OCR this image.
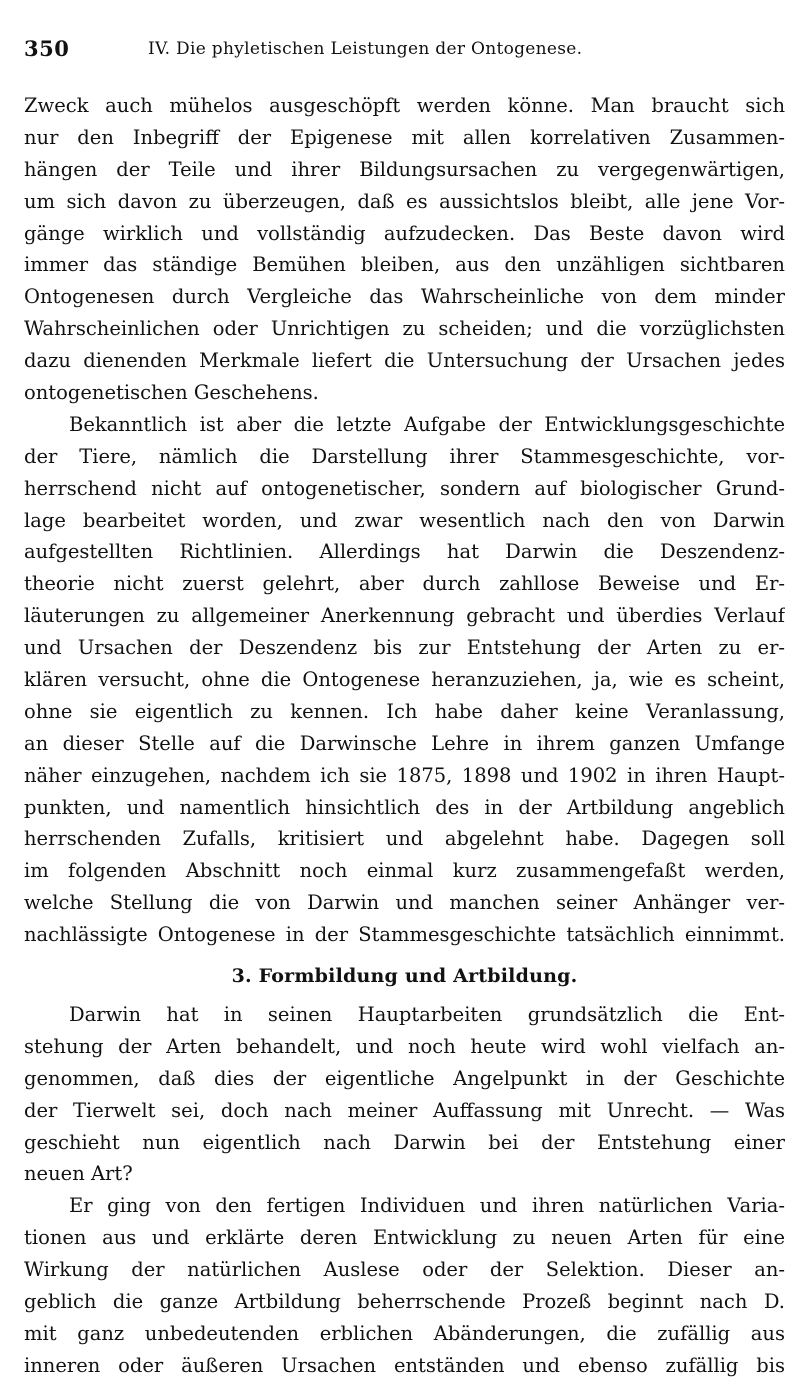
350	IV. Die phyletischen Leistungen der Ontogenese.
Zweck auch mühelos ausgeschöpft werden könne. Man braucht sich
nur den Inbegriff der Epigenese mit allen korrelativen Zusammen-
hängen der Teile und ihrer Bildungsursachen zu vergegenwärtigen,
um sich davon zu überzeugen, daß es aussichtslos bleibt, alle jene Vor-
gänge wirklich und vollständig aufzudecken. Das Beste davon wird
immer das ständige Bemühen bleiben, aus den unzähligen sichtbaren
Ontogenesen durch Vergleiche das Wahrscheinliche von dem minder
Wahrscheinlichen oder Unrichtigen zu scheiden; und die vorzüglichsten
dazu dienenden Merkmale liefert die Untersuchung der Ursachen jedes
ontogenetischen Geschehens.
Bekanntlich ist aber die letzte Aufgabe der Entwicklungsgeschichte
der Tiere, nämlich die Darstellung ihrer Stammesgeschichte, vor-
herrschend nicht auf ontogenetischer, sondern auf biologischer Grund-
lage bearbeitet worden, und zwar wesentlich nach den von Darwin
aufgestellten Richtlinien. Allerdings hat Darwin die Deszendenz-
theorie nicht zuerst gelehrt, aber durch zahllose Beweise und Er-
läuterungen zu allgemeiner Anerkennung gebracht und überdies Verlauf
und Ursachen der Deszendenz bis zur Entstehung der Arten zu er-
klären versucht, ohne die Ontogenese heranzuziehen, ja, wie es scheint,
ohne sie eigentlich zu kennen. Ich habe daher keine Veranlassung,
an dieser Stelle auf die Darwinsche Lehre in ihrem ganzen Umfange
näher einzugehen, nachdem ich sie 1875, 1898 und 1902 in ihren Haupt-
punkten, und namentlich hinsichtlich des in der Artbildung angeblich
herrschenden Zufalls, kritisiert und abgelehnt habe. Dagegen soll
im folgenden Abschnitt noch einmal kurz zusammengefaßt werden,
welche Stellung die von Darwin und manchen seiner Anhänger ver-
nachlässigte Ontogenese in der Stammesgeschichte tatsächlich einnimmt.
3. Formbildung und Artbildung.
Darwin hat in seinen Hauptarbeiten grundsätzlich die Ent-
stehung der Arten behandelt, und noch heute wird wohl vielfach an-
genommen, daß dies der eigentliche Angelpunkt in der Geschichte
der Tierwelt sei, doch nach meiner Auffassung mit Unrecht. — Was
geschieht nun eigentlich nach Darwin bei der Entstehung einer
neuen Art?
Er ging von den fertigen Individuen und ihren natürlichen Varia-
tionen aus und erklärte deren Entwicklung zu neuen Arten für eine
Wirkung der natürlichen Auslese oder der Selektion. Dieser an-
geblich die ganze Artbildung beherrschende Prozeß beginnt nach D.
mit ganz unbedeutenden erblichen Abänderungen, die zufällig aus
inneren oder äußeren Ursachen entständen und ebenso zufällig bis
